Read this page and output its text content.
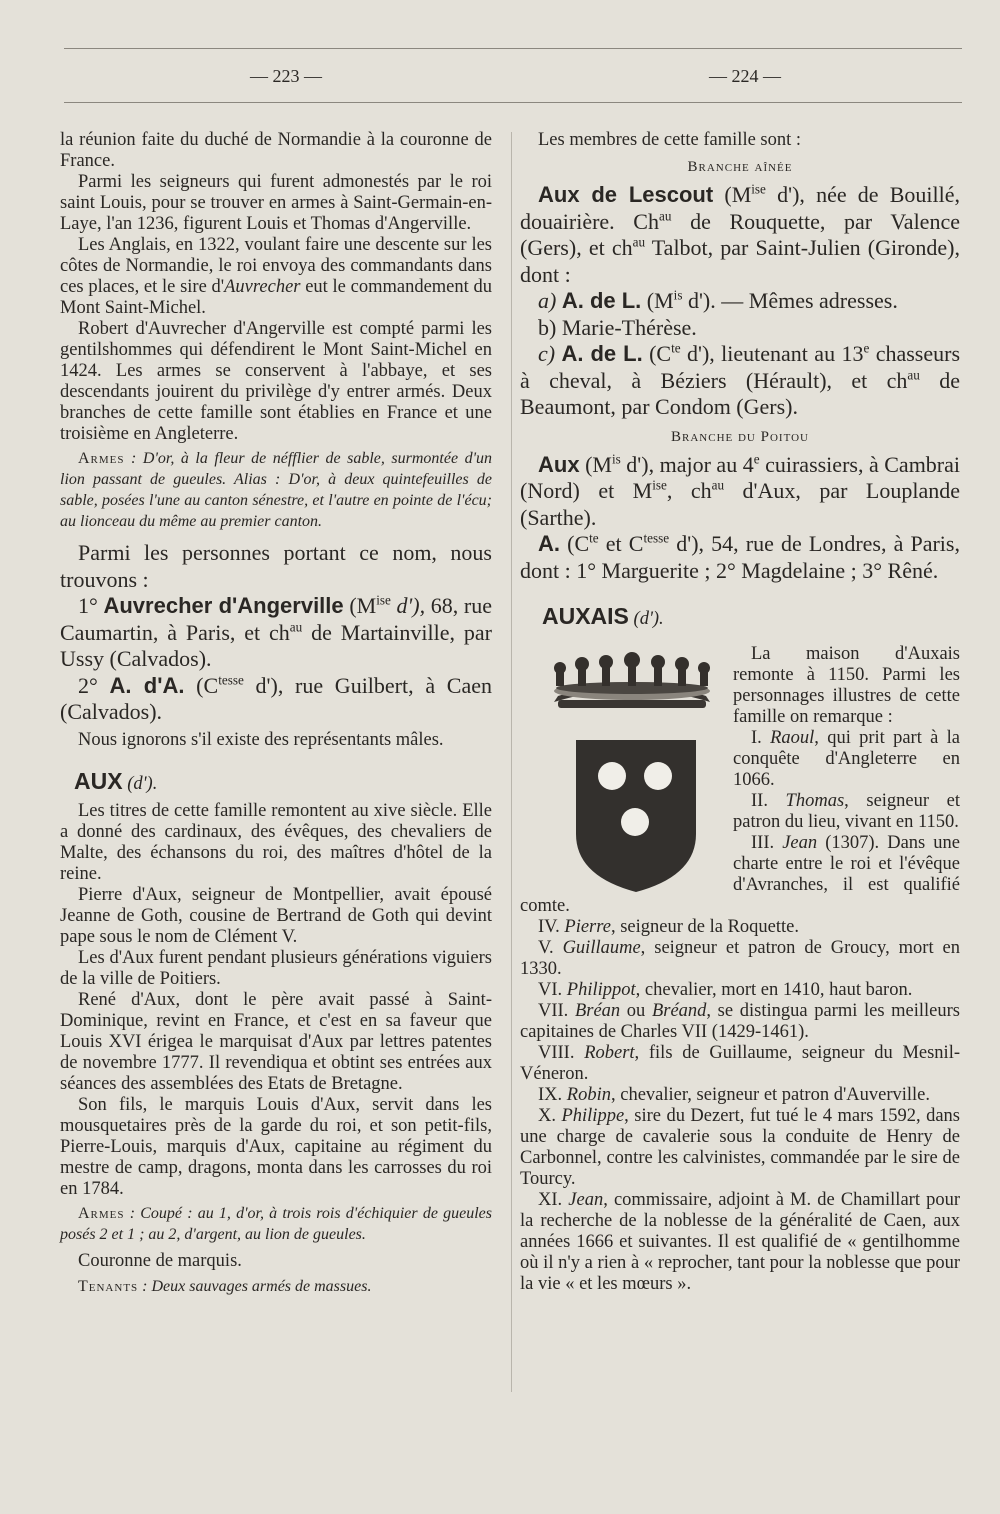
— 223 —	— 224 —

la réunion faite du duché de Normandie à la couronne de France.

Parmi les seigneurs qui furent admonestés par le roi saint Louis, pour se trouver en armes à Saint-Germain-en-Laye, l'an 1236, figurent Louis et Thomas d'Angerville.

Les Anglais, en 1322, voulant faire une descente sur les côtes de Normandie, le roi envoya des commandants dans ces places, et le sire d'Auvrecher eut le commandement du Mont Saint-Michel.

Robert d'Auvrecher d'Angerville est compté parmi les gentilshommes qui défendirent le Mont Saint-Michel en 1424. Les armes se conservent à l'abbaye, et ses descendants jouirent du privilège d'y entrer armés. Deux branches de cette famille sont établies en France et une troisième en Angleterre.

Armes : D'or, à la fleur de néfflier de sable, surmontée d'un lion passant de gueules. Alias : D'or, à deux quintefeuilles de sable, posées l'une au canton sénestre, et l'autre en pointe de l'écu; au lionceau du même au premier canton.

Parmi les personnes portant ce nom, nous trouvons :

1° Auvrecher d'Angerville ($M^{ise}$ d'), 68, rue Caumartin, à Paris, et $ch^{au}$ de Martainville, par Ussy (Calvados).

2° A. d'A. ($C^{tesse}$ d'), rue Guilbert, à Caen (Calvados).

Nous ignorons s'il existe des représentants mâles.

AUX (d').

Les titres de cette famille remontent au xive siècle. Elle a donné des cardinaux, des évêques, des chevaliers de Malte, des échansons du roi, des maîtres d'hôtel de la reine.

Pierre d'Aux, seigneur de Montpellier, avait épousé Jeanne de Goth, cousine de Bertrand de Goth qui devint pape sous le nom de Clément V.

Les d'Aux furent pendant plusieurs générations viguiers de la ville de Poitiers.

René d'Aux, dont le père avait passé à Saint-Dominique, revint en France, et c'est en sa faveur que Louis XVI érigea le marquisat d'Aux par lettres patentes de novembre 1777. Il revendiqua et obtint ses entrées aux séances des assemblées des Etats de Bretagne.

Son fils, le marquis Louis d'Aux, servit dans les mousquetaires près de la garde du roi, et son petit-fils, Pierre-Louis, marquis d'Aux, capitaine au régiment du mestre de camp, dragons, monta dans les carrosses du roi en 1784.

Armes : Coupé : au 1, d'or, à trois rois d'échiquier de gueules posés 2 et 1 ; au 2, d'argent, au lion de gueules.

Couronne de marquis.

Tenants : Deux sauvages armés de massues.

Les membres de cette famille sont :

Branche aînée

Aux de Lescout ($M^{ise}$ d'), née de Bouillé, douairière. $Ch^{au}$ de Rouquette, par Valence (Gers), et $ch^{au}$ Talbot, par Saint-Julien (Gironde), dont :

a) A. de L. ($M^{is}$ d'). — Mêmes adresses.

b) Marie-Thérèse.

c) A. de L. ($C^{te}$ d'), lieutenant au 13e chasseurs à cheval, à Béziers (Hérault), et $ch^{au}$ de Beaumont, par Condom (Gers).

Branche du Poitou

Aux ($M^{is}$ d'), major au 4e cuirassiers, à Cambrai (Nord) et $M^{ise}$, $ch^{au}$ d'Aux, par Louplande (Sarthe).

A. ($C^{te}$ et $C^{tesse}$ d'), 54, rue de Londres, à Paris, dont : 1° Marguerite ; 2° Magdelaine ; 3° Rêné.

AUXAIS (d').

La maison d'Auxais remonte à 1150. Parmi les personnages illustres de cette famille on remarque :

I. Raoul, qui prit part à la conquête d'Angleterre en 1066.

II. Thomas, seigneur et patron du lieu, vivant en 1150.

III. Jean (1307). Dans une charte entre le roi et l'évêque d'Avranches, il est qualifié comte.

IV. Pierre, seigneur de la Roquette.

V. Guillaume, seigneur et patron de Groucy, mort en 1330.

VI. Philippot, chevalier, mort en 1410, haut baron.

VII. Bréan ou Bréand, se distingua parmi les meilleurs capitaines de Charles VII (1429-1461).

VIII. Robert, fils de Guillaume, seigneur du Mesnil-Véneron.

IX. Robin, chevalier, seigneur et patron d'Auverville.

X. Philippe, sire du Dezert, fut tué le 4 mars 1592, dans une charge de cavalerie sous la conduite de Henry de Carbonnel, contre les calvinistes, commandée par le sire de Tourcy.

XI. Jean, commissaire, adjoint à M. de Chamillart pour la recherche de la noblesse de la généralité de Caen, aux années 1666 et suivantes. Il est qualifié de « gentilhomme où il n'y a rien à « reprocher, tant pour la noblesse que pour la vie « et les mœurs ».
